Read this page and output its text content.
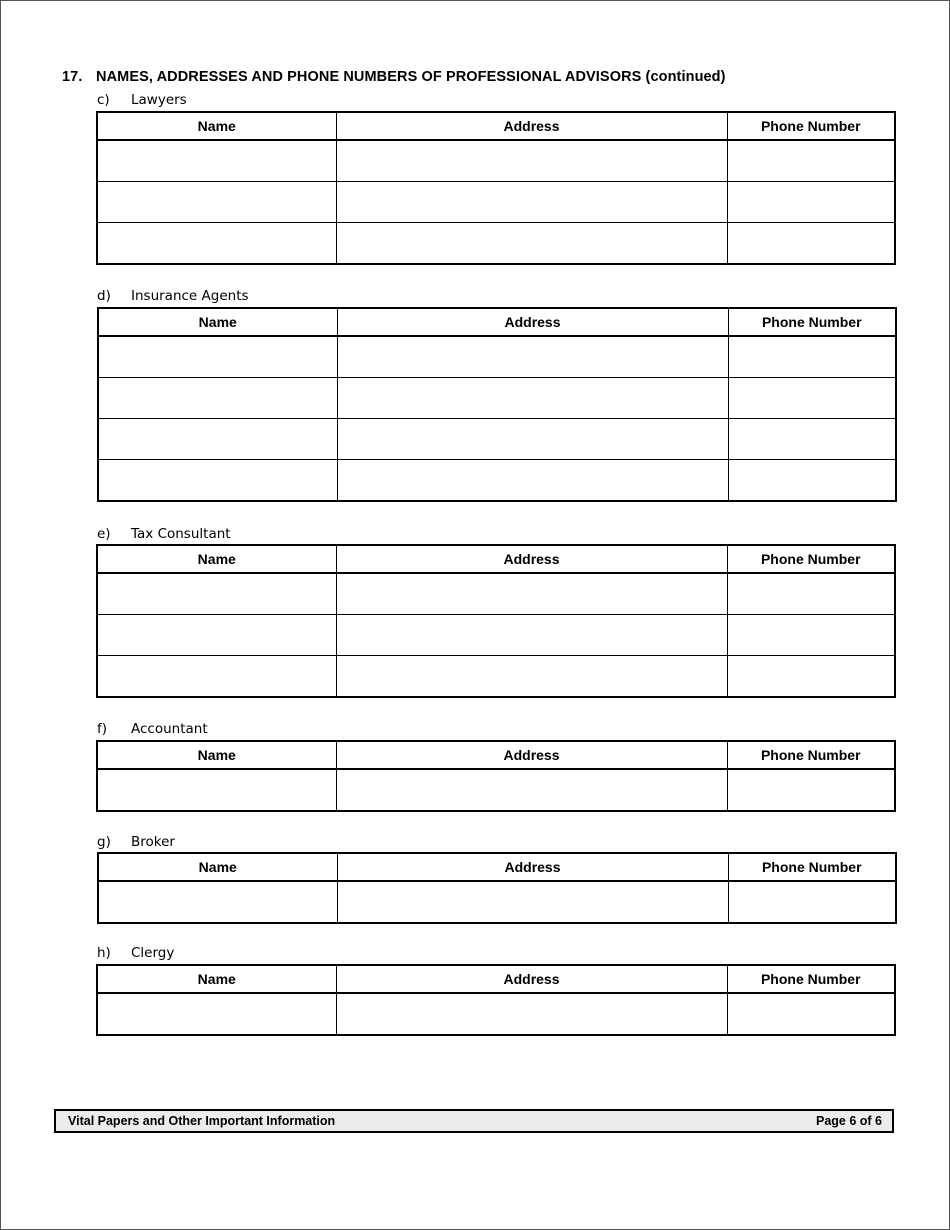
17. NAMES, ADDRESSES AND PHONE NUMBERS OF PROFESSIONAL ADVISORS (continued)
c) Lawyers
Name	Address	Phone Number

d) Insurance Agents
Name	Address	Phone Number

e) Tax Consultant
Name	Address	Phone Number

f) Accountant
Name	Address	Phone Number

g) Broker
Name	Address	Phone Number

h) Clergy
Name	Address	Phone Number

Vital Papers and Other Important Information	Page 6 of 6
